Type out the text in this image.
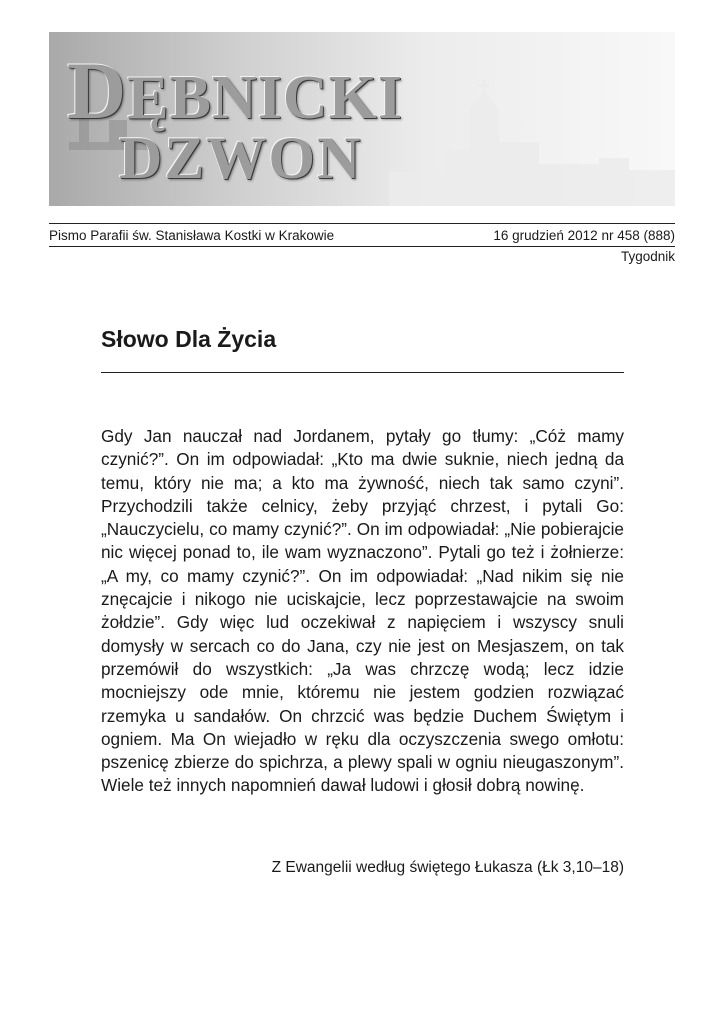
DĘBNICKI
DZWON
Pismo Parafii św. Stanisława Kostki w Krakowie	16 grudzień 2012 nr 458 (888)
Tygodnik
Słowo Dla Życia

Gdy Jan nauczał nad Jordanem, pytały go tłumy: „Cóż mamy czynić?”. On im odpowiadał: „Kto ma dwie suknie, niech jedną da temu, który nie ma; a kto ma żywność, niech tak samo czyni”. Przychodzili także celnicy, żeby przyjąć chrzest, i pytali Go: „Nauczycielu, co mamy czynić?”. On im odpowiadał: „Nie pobierajcie nic więcej ponad to, ile wam wyznaczono”. Pytali go też i żołnierze: „A my, co mamy czynić?”. On im odpowiadał: „Nad nikim się nie znęcajcie i nikogo nie uciskajcie, lecz poprzestawajcie na swoim żołdzie”. Gdy więc lud oczekiwał z napięciem i wszyscy snuli domysły w sercach co do Jana, czy nie jest on Mesjaszem, on tak przemówił do wszystkich: „Ja was chrzczę wodą; lecz idzie mocniejszy ode mnie, któremu nie jestem godzien rozwiązać rzemyka u sandałów. On chrzcić was będzie Duchem Świętym i ogniem. Ma On wiejadło w ręku dla oczyszczenia swego omłotu: pszenicę zbierze do spichrza, a plewy spali w ogniu nieugaszonym”. Wiele też innych napomnień dawał ludowi i głosił dobrą nowinę.

Z Ewangelii według świętego Łukasza (Łk 3,10–18)
